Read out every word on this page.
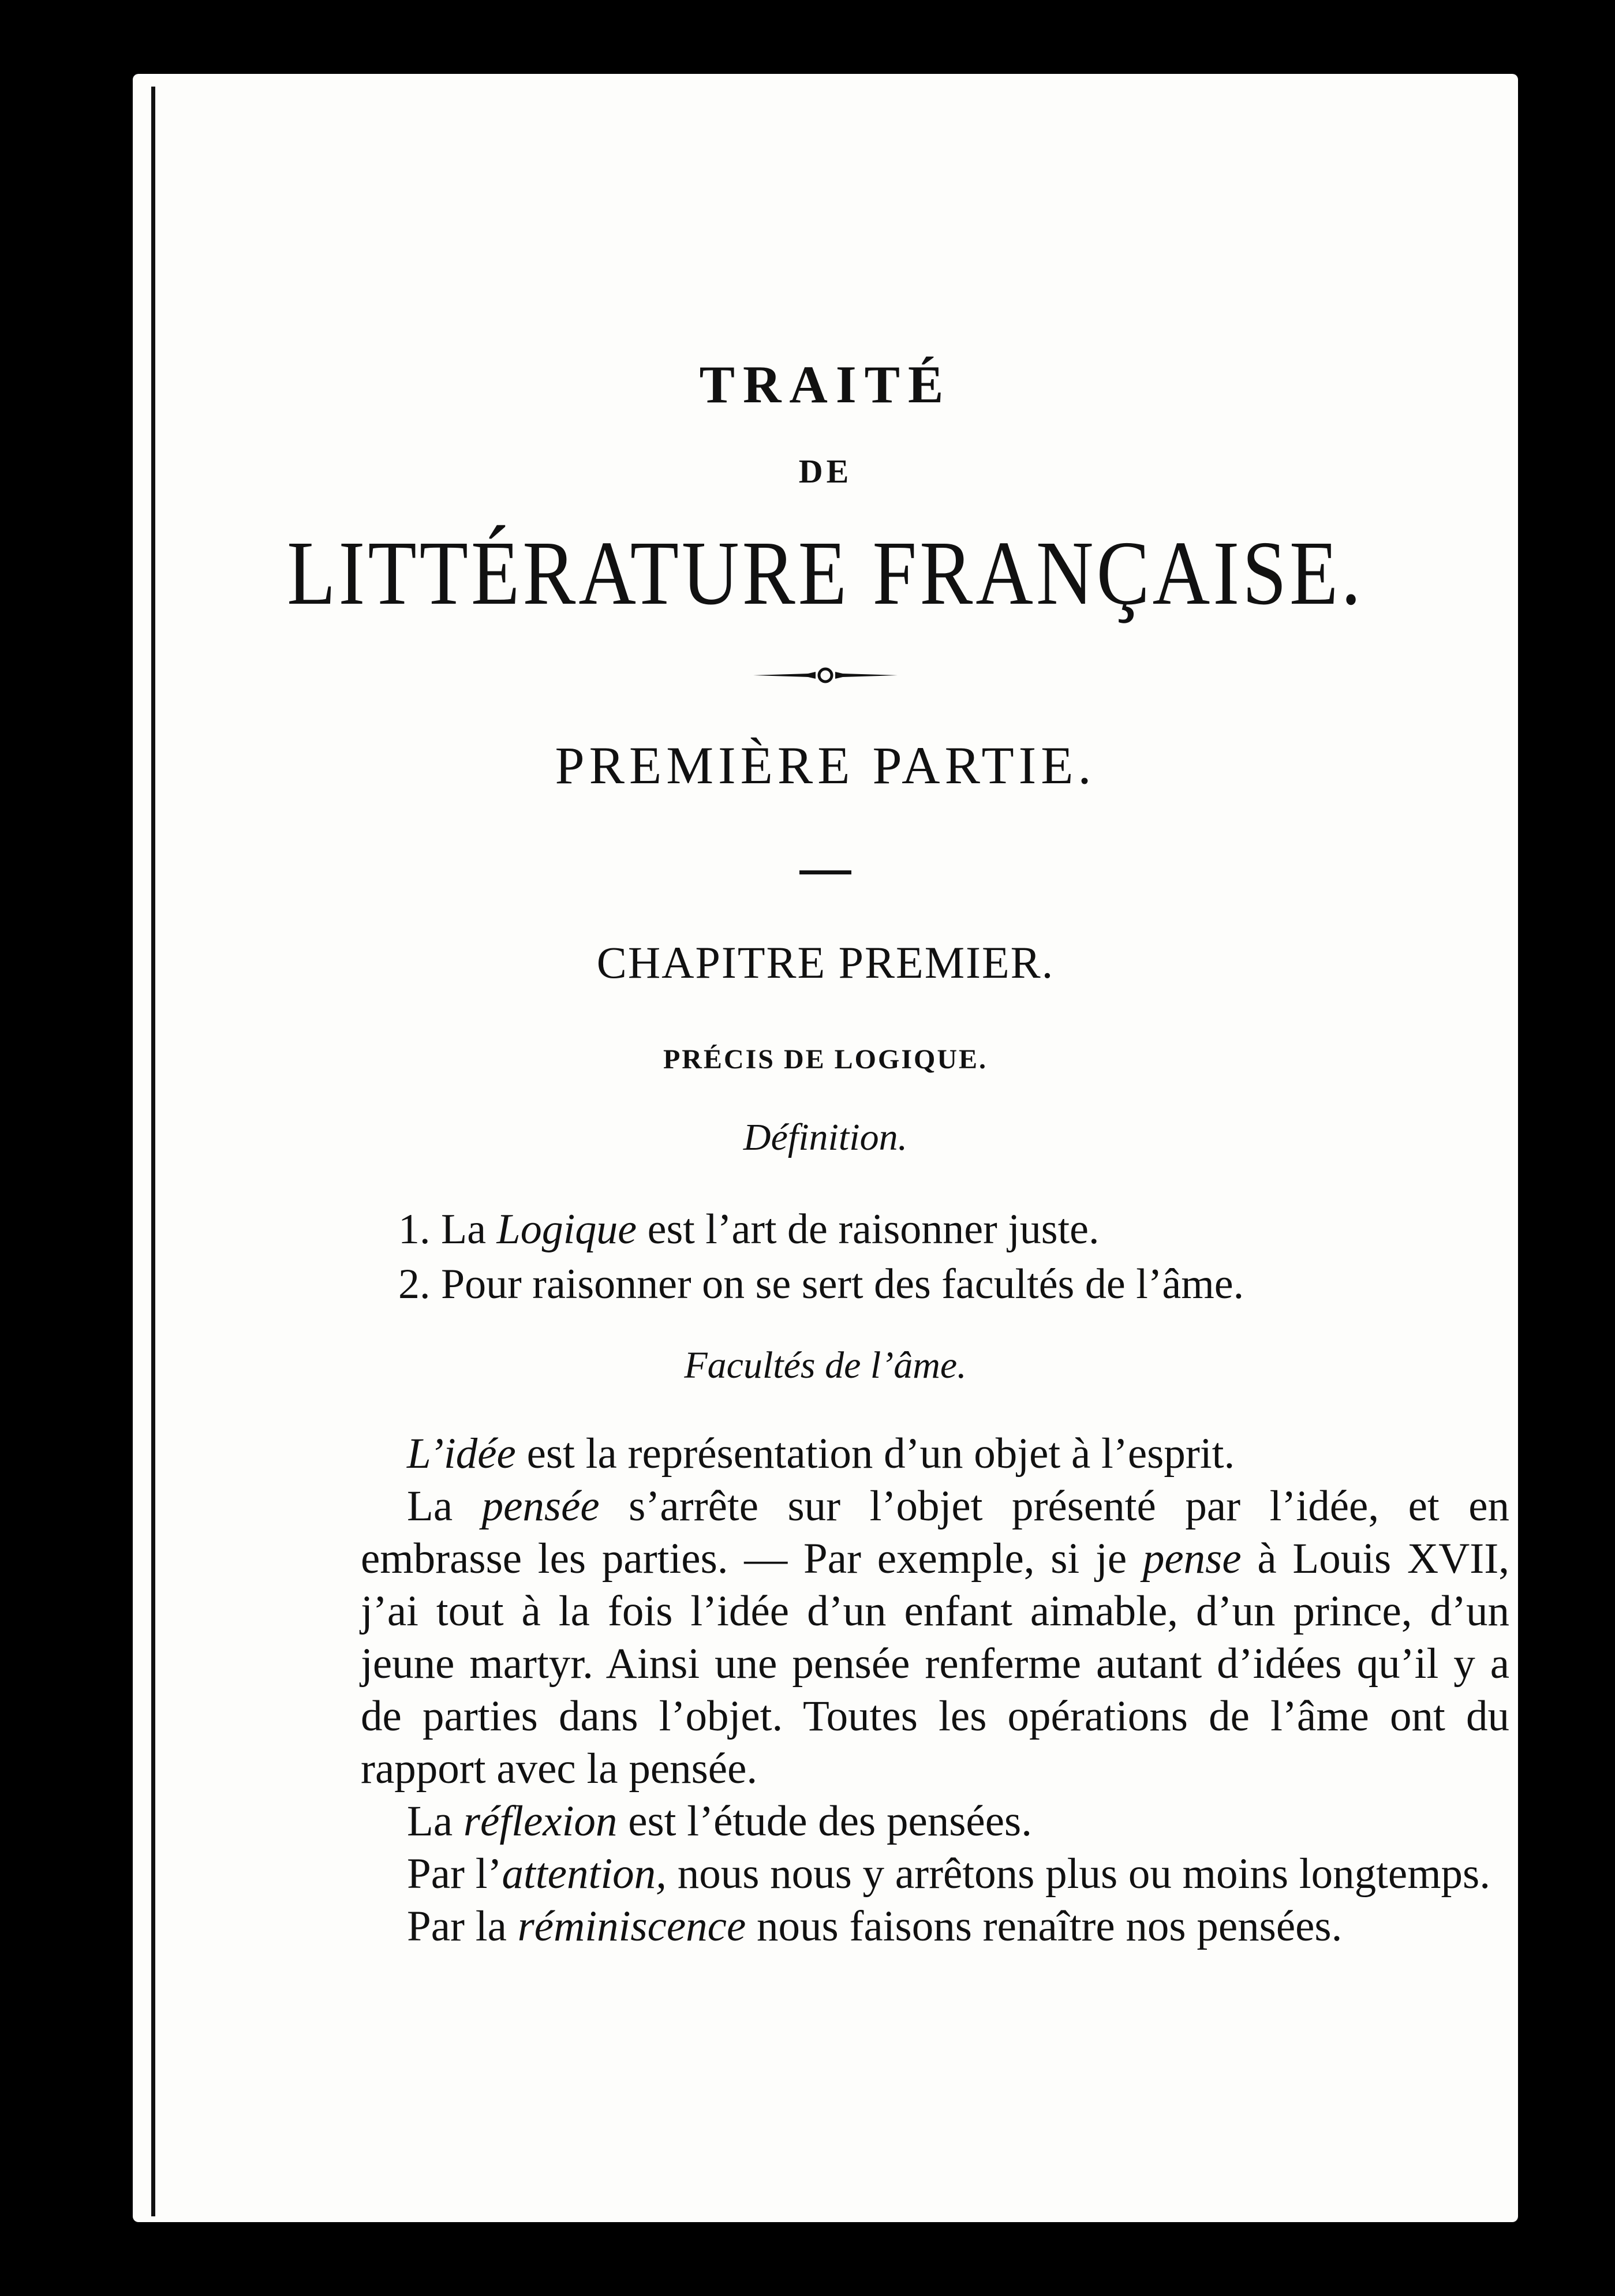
TRAITÉ
DE
LITTÉRATURE FRANÇAISE.
PREMIÈRE PARTIE.
CHAPITRE PREMIER.
PRÉCIS DE LOGIQUE.
Définition.
1. La Logique est l’art de raisonner juste.
2. Pour raisonner on se sert des facultés de l’âme.
Facultés de l’âme.

L’idée est la représentation d’un objet à l’esprit.

La pensée s’arrête sur l’objet présenté par l’idée, et en embrasse les parties. — Par exemple, si je pense à Louis XVII, j’ai tout à la fois l’idée d’un enfant aimable, d’un prince, d’un jeune martyr. Ainsi une pensée renferme autant d’idées qu’il y a de parties dans l’objet. Toutes les opérations de l’âme ont du rapport avec la pensée.

La réflexion est l’étude des pensées.

Par l’attention, nous nous y arrêtons plus ou moins longtemps.

Par la réminiscence nous faisons renaître nos pensées.
